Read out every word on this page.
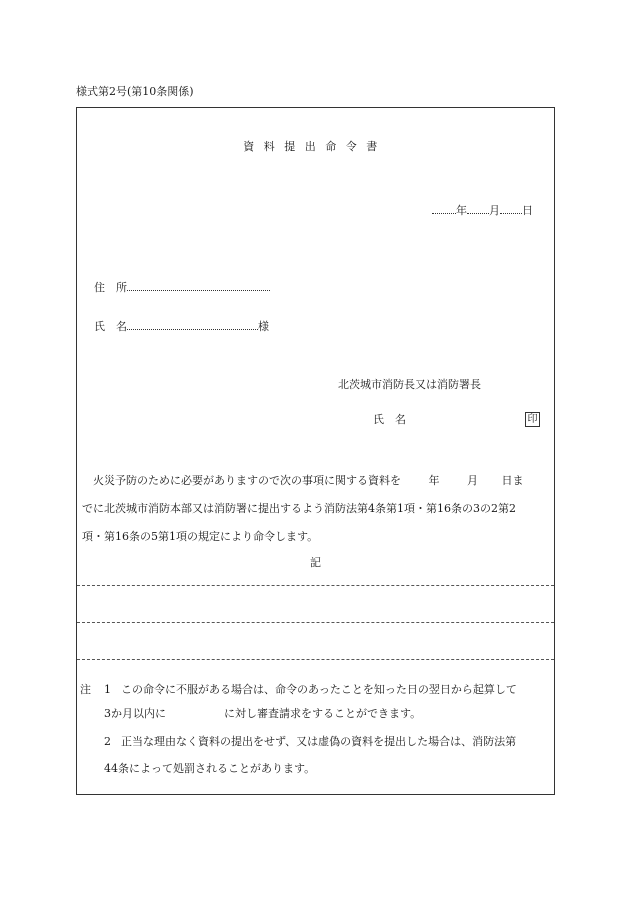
様式第2号(第10条関係)
資料提出命令書
年 月 日
住　所
氏　名	様
北茨城市消防長又は消防署長
氏　名	印
火災予防のために必要がありますので次の事項に関する資料を	年	月 日ま
でに北茨城市消防本部又は消防署に提出するよう消防法第4条第1項・第16条の3の2第2
項・第16条の5第1項の規定により命令します。
記
注 1 この命令に不服がある場合は、命令のあったことを知った日の翌日から起算して
3か月以内に	に対し審査請求をすることができます。
2 正当な理由なく資料の提出をせず、又は虚偽の資料を提出した場合は、消防法第
44条によって処罰されることがあります。
